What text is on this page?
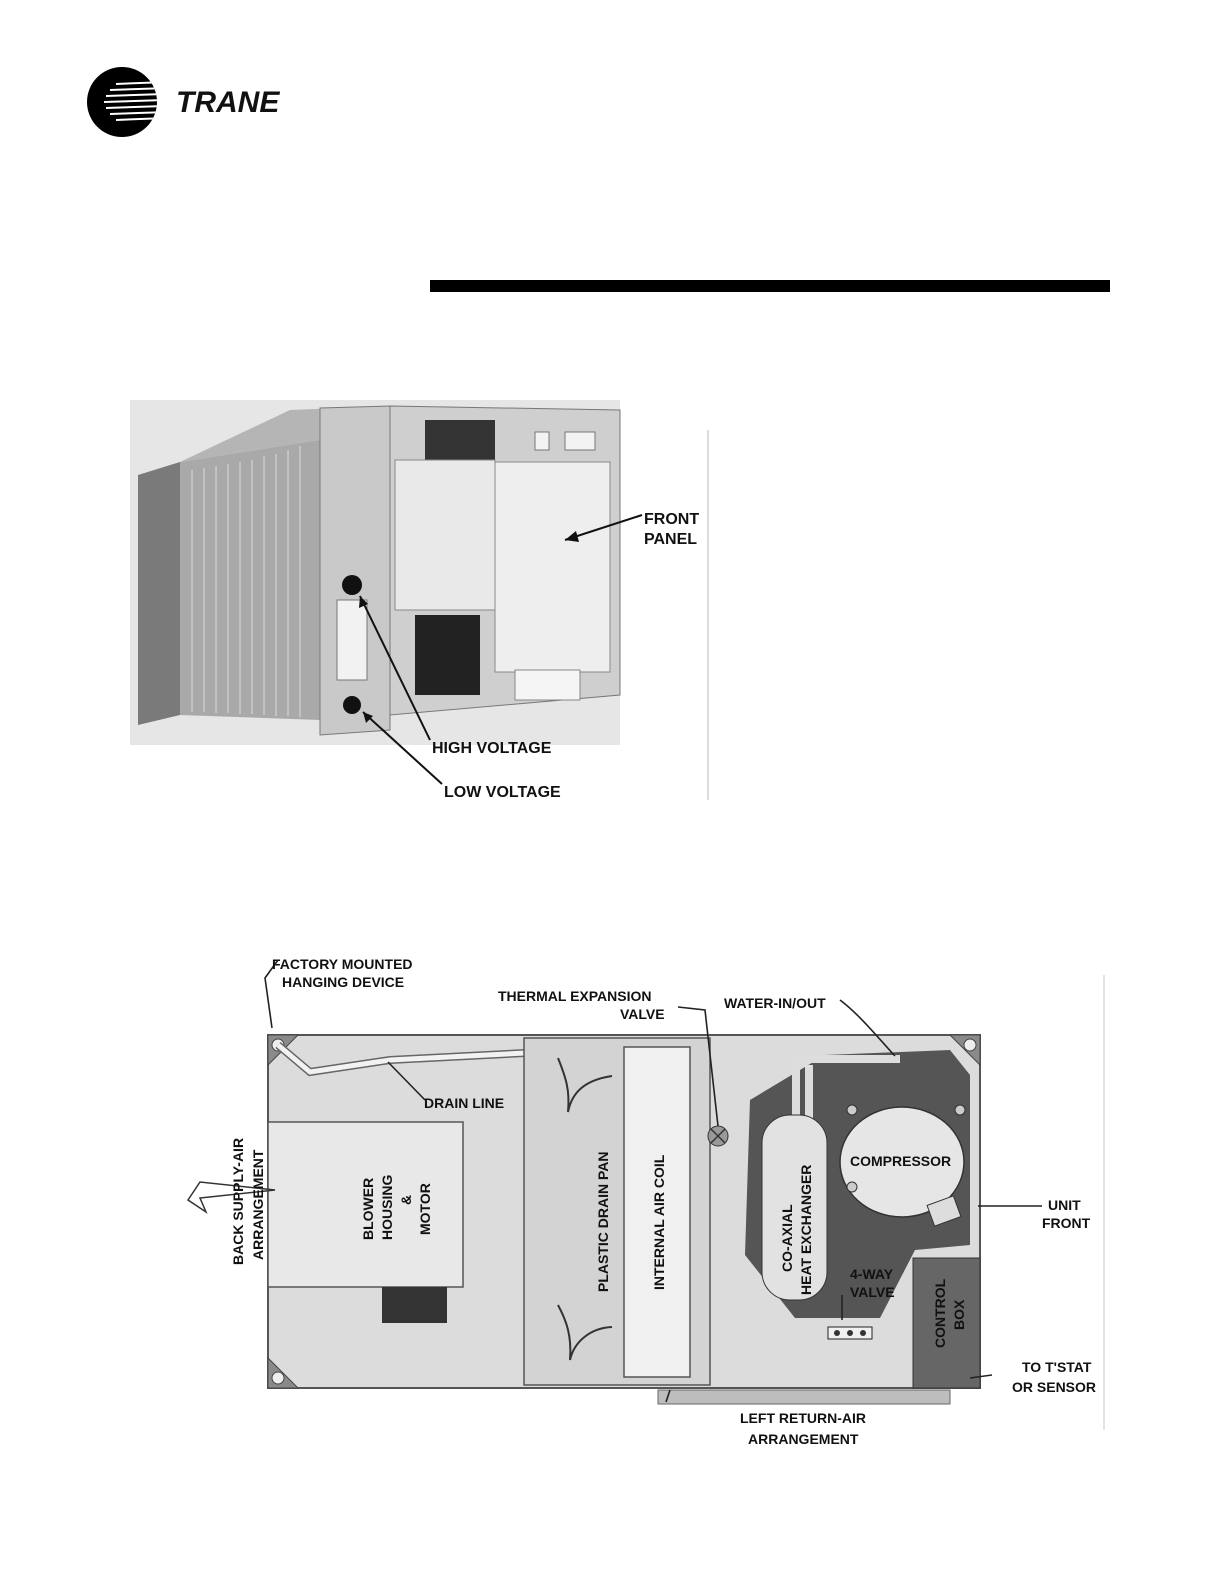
TRANE
FRONT
PANEL
HIGH VOLTAGE
LOW VOLTAGE
FACTORY MOUNTED
HANGING DEVICE
THERMAL EXPANSION
VALVE
WATER-IN/OUT
DRAIN LINE
COMPRESSOR
UNIT
FRONT
4-WAY
VALVE
TO T'STAT
OR SENSOR
LEFT RETURN-AIR
ARRANGEMENT
BACK SUPPLY-AIR ARRANGEMENT	BLOWER HOUSING & MOTOR	PLASTIC DRAIN PAN	INTERNAL AIR COIL	CO-AXIAL HEAT EXCHANGER
CONTROL BOX
